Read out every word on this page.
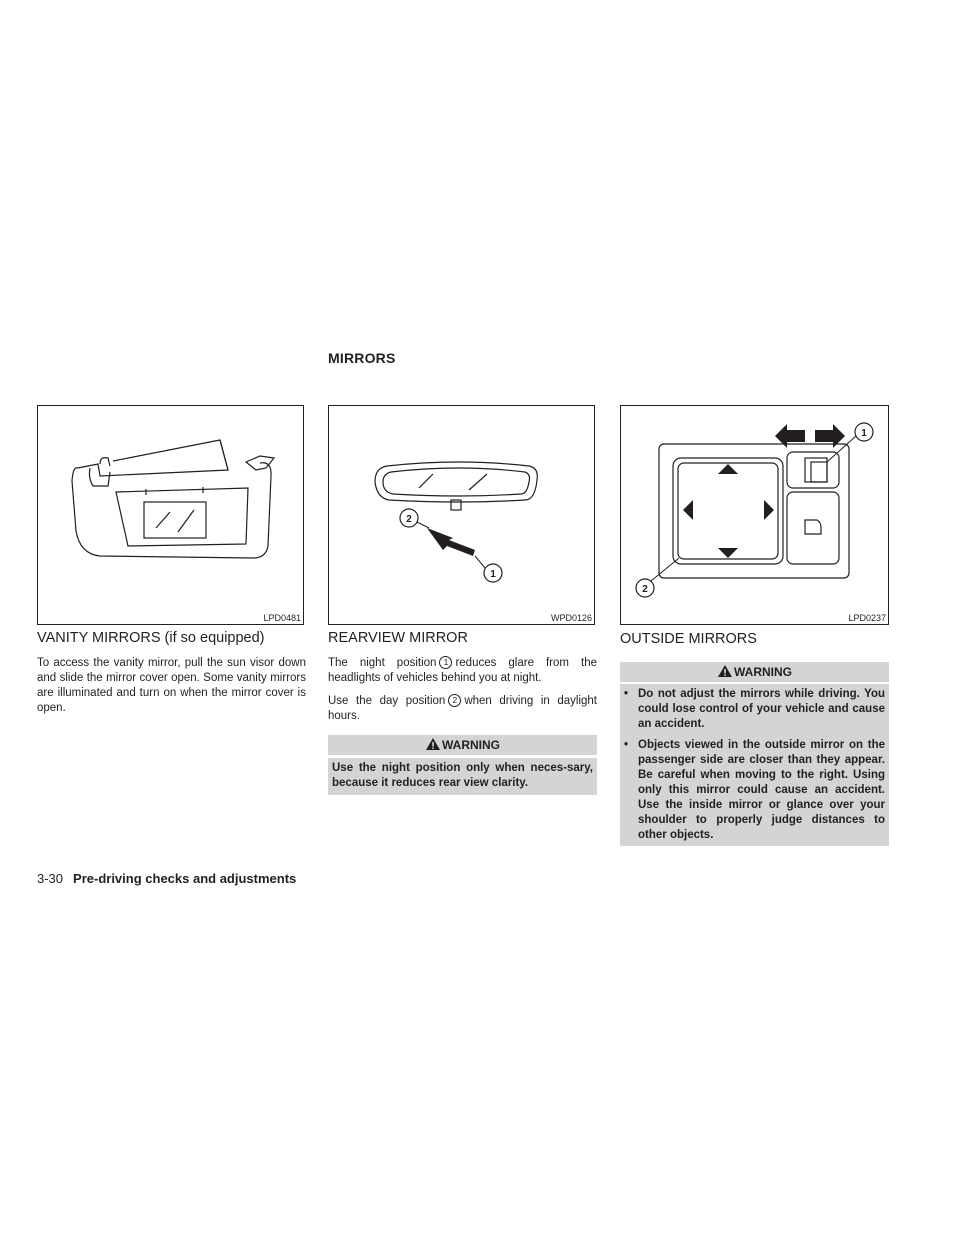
MIRRORS
LPD0481
2
1
WPD0126
1
2
LPD0237
VANITY MIRRORS (if so equipped)

To access the vanity mirror, pull the sun visor down and slide the mirror cover open. Some vanity mirrors are illuminated and turn on when the mirror cover is open.

REARVIEW MIRROR

The night position 1 reduces glare from the headlights of vehicles behind you at night.

Use the day position 2 when driving in daylight hours.

WARNING
Use the night position only when neces-sary, because it reduces rear view clarity.
OUTSIDE MIRRORS
WARNING
• Do not adjust the mirrors while driving. You could lose control of your vehicle and cause an accident.
• Objects viewed in the outside mirror on the passenger side are closer than they appear. Be careful when moving to the right. Using only this mirror could cause an accident. Use the inside mirror or glance over your shoulder to properly judge distances to other objects.
3-30 Pre-driving checks and adjustments
